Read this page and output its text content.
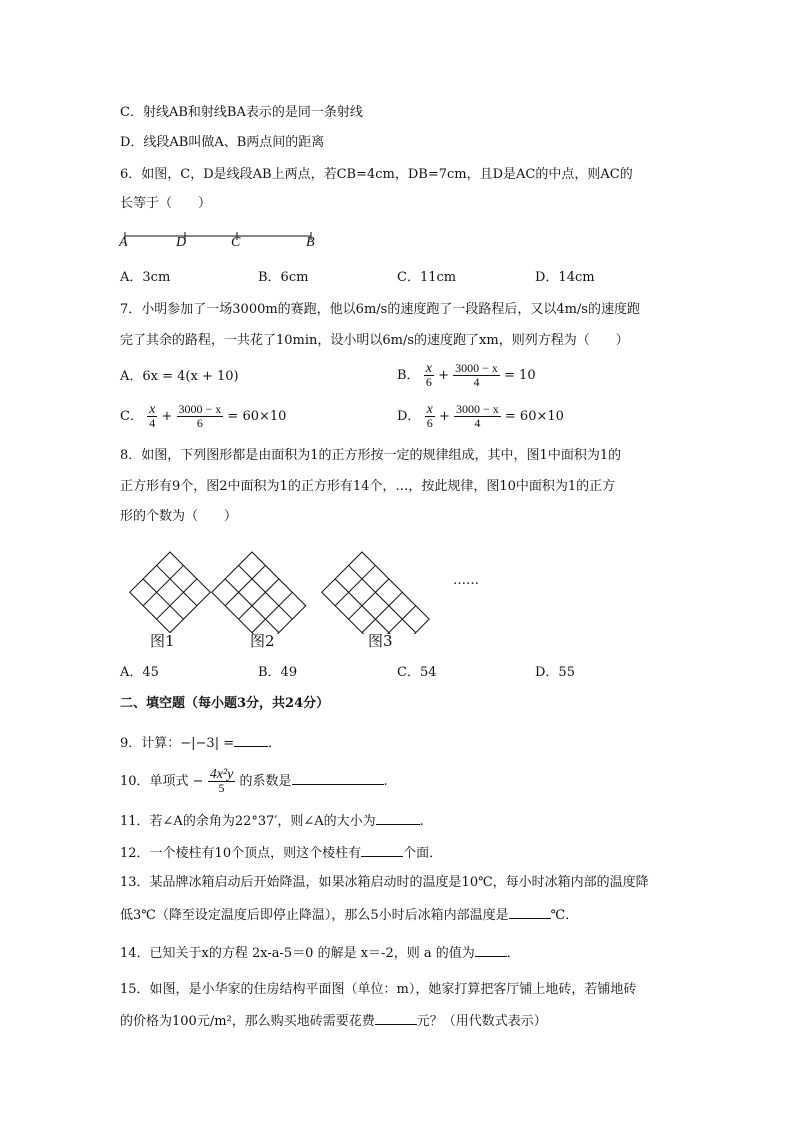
C．射线AB和射线BA表示的是同一条射线
D．线段AB叫做A、B两点间的距离
6．如图，C，D是线段AB上两点，若CB=4cm，DB=7cm，且D是AC的中点，则AC的
长等于（　　）
A	D	C	B
A．3cm	B．6cm	C．11cm	D．14cm
7．小明参加了一场3000m的赛跑，他以6m/s的速度跑了一段路程后，又以4m/s的速度跑
完了其余的路程，一共花了10min，设小明以6m/s的速度跑了xm，则列方程为（　　）
A．6x = 4(x + 10)	B． $\frac{x}{6} + \frac{3000 - x}{4} = 10$
C． $\frac{x}{4} + \frac{3000 - x}{6} = 60\times 10$	D． $\frac{x}{6} + \frac{3000 - x}{4} = 60\times 10$
8．如图，下列图形都是由面积为1的正方形按一定的规律组成，其中，图1中面积为1的
正方形有9个，图2中面积为1的正方形有14个，…，按此规律，图10中面积为1的正方
形的个数为（　　）
……
图1	图2	图3
A．45	B．49	C．54	D．55
二、填空题（每小题3分，共24分）
9．计算：−|−3| =	．
10．单项式 − $\frac{\text{4x²y}}{5}$ 的系数是	.
11．若∠A的余角为22°37′，则∠A的大小为	.
12．一个棱柱有10个顶点，则这个棱柱有	个面．
13．某品牌冰箱启动后开始降温，如果冰箱启动时的温度是10℃，每小时冰箱内部的温度降
低3℃（降至设定温度后即停止降温），那么5小时后冰箱内部温度是	℃．
14．已知关于x的方程 2x-a-5＝0 的解是 x＝-2，则 a 的值为 ．
15．如图，是小华家的住房结构平面图（单位：m），她家打算把客厅铺上地砖，若铺地砖
的价格为100元/m²，那么购买地砖需要花费	元？（用代数式表示）
